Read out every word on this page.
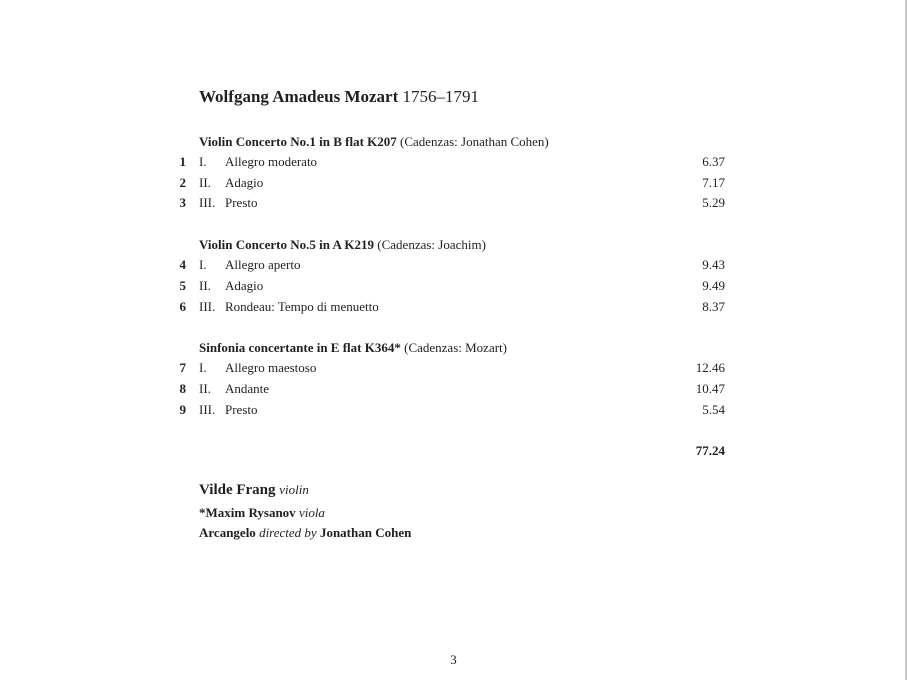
Wolfgang Amadeus Mozart 1756–1791
Violin Concerto No.1 in B flat K207 (Cadenzas: Jonathan Cohen)
1 I. Allegro moderato	6.37
2 II. Adagio	7.17
3 III. Presto	5.29
Violin Concerto No.5 in A K219 (Cadenzas: Joachim)
4 I. Allegro aperto	9.43
5 II. Adagio	9.49
6 III. Rondeau: Tempo di menuetto	8.37
Sinfonia concertante in E flat K364* (Cadenzas: Mozart)
7 I. Allegro maestoso	12.46
8 II. Andante	10.47
9 III. Presto	5.54
77.24
Vilde Frang violin
*Maxim Rysanov viola
Arcangelo directed by Jonathan Cohen
3
